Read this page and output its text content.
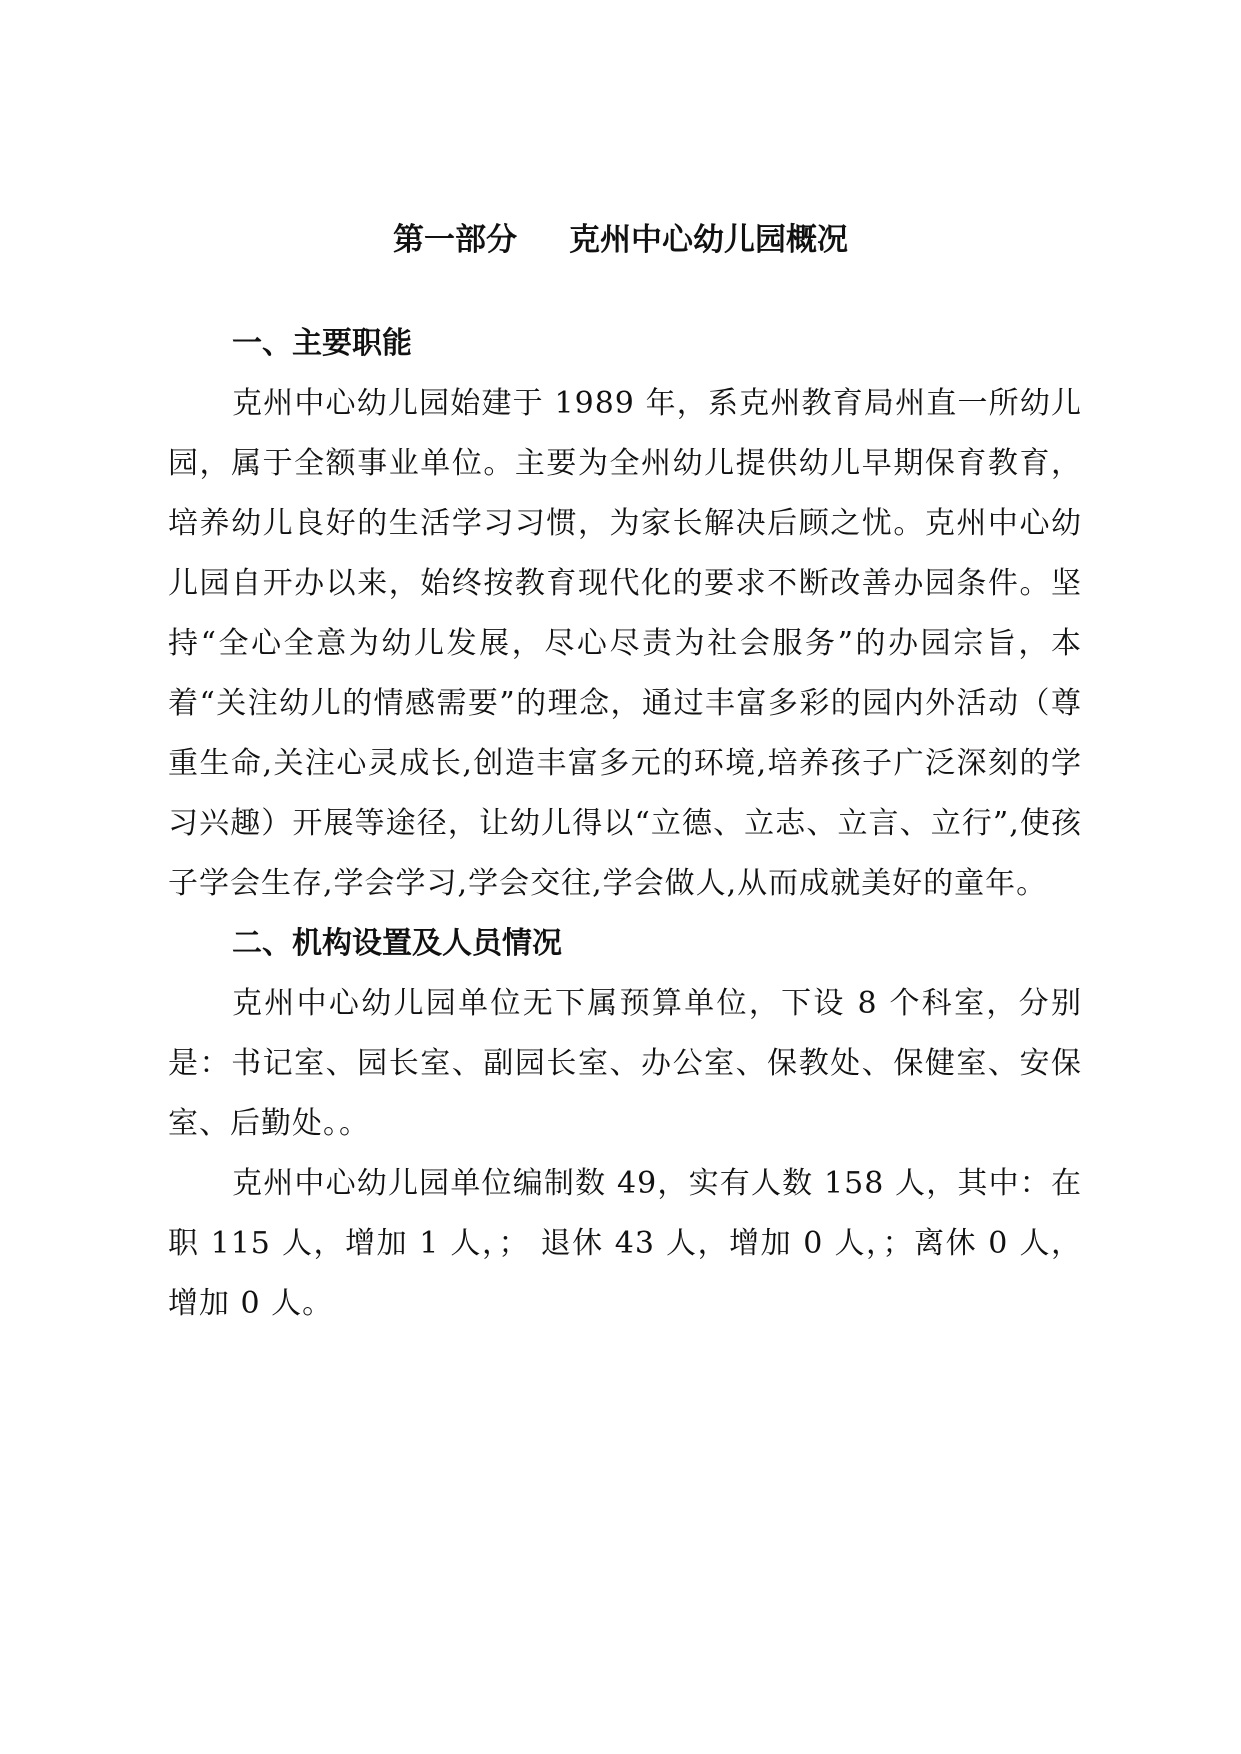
第一部分 克州中心幼儿园概况
一、主要职能

克州中心幼儿园始建于 1989 年，系克州教育局州直一所幼儿园，属于全额事业单位。主要为全州幼儿提供幼儿早期保育教育，培养幼儿良好的生活学习习惯，为家长解决后顾之忧。克州中心幼儿园自开办以来，始终按教育现代化的要求不断改善办园条件。坚持“全心全意为幼儿发展，尽心尽责为社会服务”的办园宗旨，本着“关注幼儿的情感需要”的理念，通过丰富多彩的园内外活动（尊重生命,关注心灵成长,创造丰富多元的环境,培养孩子广泛深刻的学习兴趣）开展等途径，让幼儿得以“立德、立志、立言、立行”,使孩子学会生存,学会学习,学会交往,学会做人,从而成就美好的童年。

二、机构设置及人员情况

克州中心幼儿园单位无下属预算单位，下设 8 个科室，分别是：书记室、园长室、副园长室、办公室、保教处、保健室、安保室、后勤处。。

克州中心幼儿园单位编制数 49，实有人数 158 人，其中：在职 115 人，增加 1 人，； 退休 43 人，增加 0 人，；离休 0 人，增加 0 人。
